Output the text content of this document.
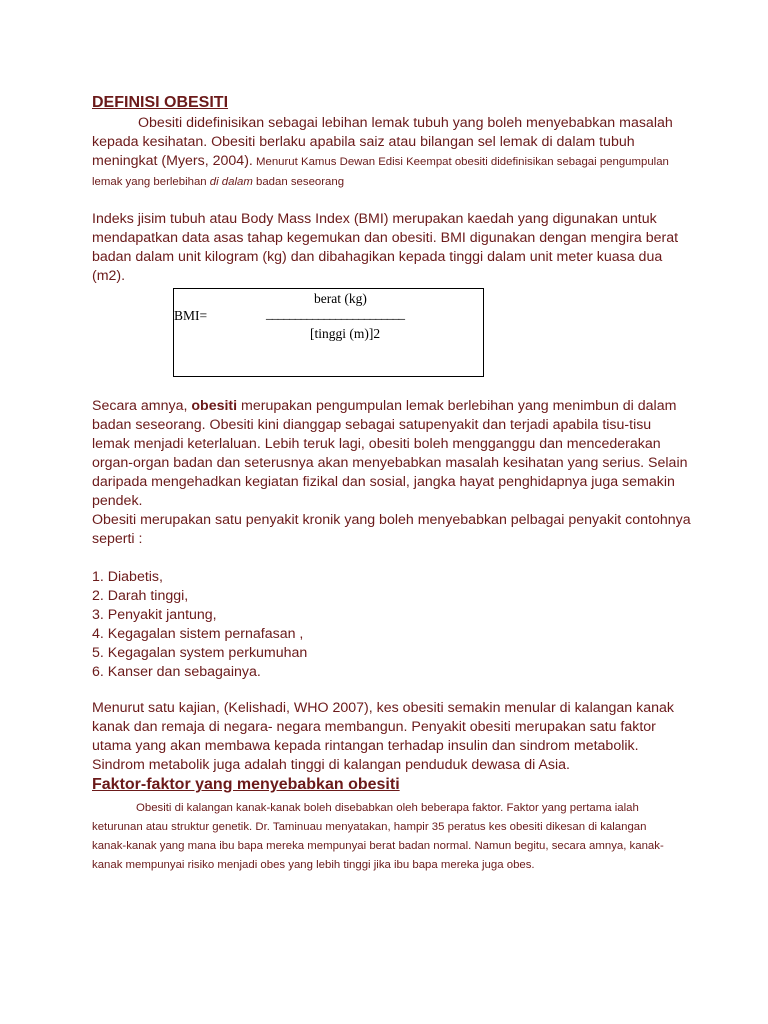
DEFINISI OBESITI

Obesiti didefinisikan sebagai lebihan lemak tubuh yang boleh menyebabkan masalah kepada kesihatan. Obesiti berlaku apabila saiz atau bilangan sel lemak di dalam tubuh meningkat (Myers, 2004). Menurut Kamus Dewan Edisi Keempat obesiti didefinisikan sebagai pengumpulan lemak yang berlebihan di dalam badan seseorang

Indeks jisim tubuh atau Body Mass Index (BMI) merupakan kaedah yang digunakan untuk mendapatkan data asas tahap kegemukan dan obesiti. BMI digunakan dengan mengira berat badan dalam unit kilogram (kg) dan dibahagikan kepada tinggi dalam unit meter kuasa dua (m2).

berat (kg)
BMI=	________________________
[tinggi (m)]2

Secara amnya, obesiti merupakan pengumpulan lemak berlebihan yang menimbun di dalam badan seseorang. Obesiti kini dianggap sebagai satupenyakit dan terjadi apabila tisu-tisu lemak menjadi keterlaluan. Lebih teruk lagi, obesiti boleh mengganggu dan mencederakan organ-organ badan dan seterusnya akan menyebabkan masalah kesihatan yang serius. Selain daripada mengehadkan kegiatan fizikal dan sosial, jangka hayat penghidapnya juga semakin pendek.

Obesiti merupakan satu penyakit kronik yang boleh menyebabkan pelbagai penyakit contohnya seperti :

1. Diabetis,
2. Darah tinggi,
3. Penyakit jantung,
4. Kegagalan sistem pernafasan ,
5. Kegagalan system perkumuhan
6. Kanser dan sebagainya.

Menurut satu kajian, (Kelishadi, WHO 2007), kes obesiti semakin menular di kalangan kanak kanak dan remaja di negara- negara membangun. Penyakit obesiti merupakan satu faktor utama yang akan membawa kepada rintangan terhadap insulin dan sindrom metabolik. Sindrom metabolik juga adalah tinggi di kalangan penduduk dewasa di Asia.

Faktor-faktor yang menyebabkan obesiti

Obesiti di kalangan kanak-kanak boleh disebabkan oleh beberapa faktor. Faktor yang pertama ialah keturunan atau struktur genetik. Dr. Taminuau menyatakan, hampir 35 peratus kes obesiti dikesan di kalangan kanak-kanak yang mana ibu bapa mereka mempunyai berat badan normal. Namun begitu, secara amnya, kanak-kanak mempunyai risiko menjadi obes yang lebih tinggi jika ibu bapa mereka juga obes.
